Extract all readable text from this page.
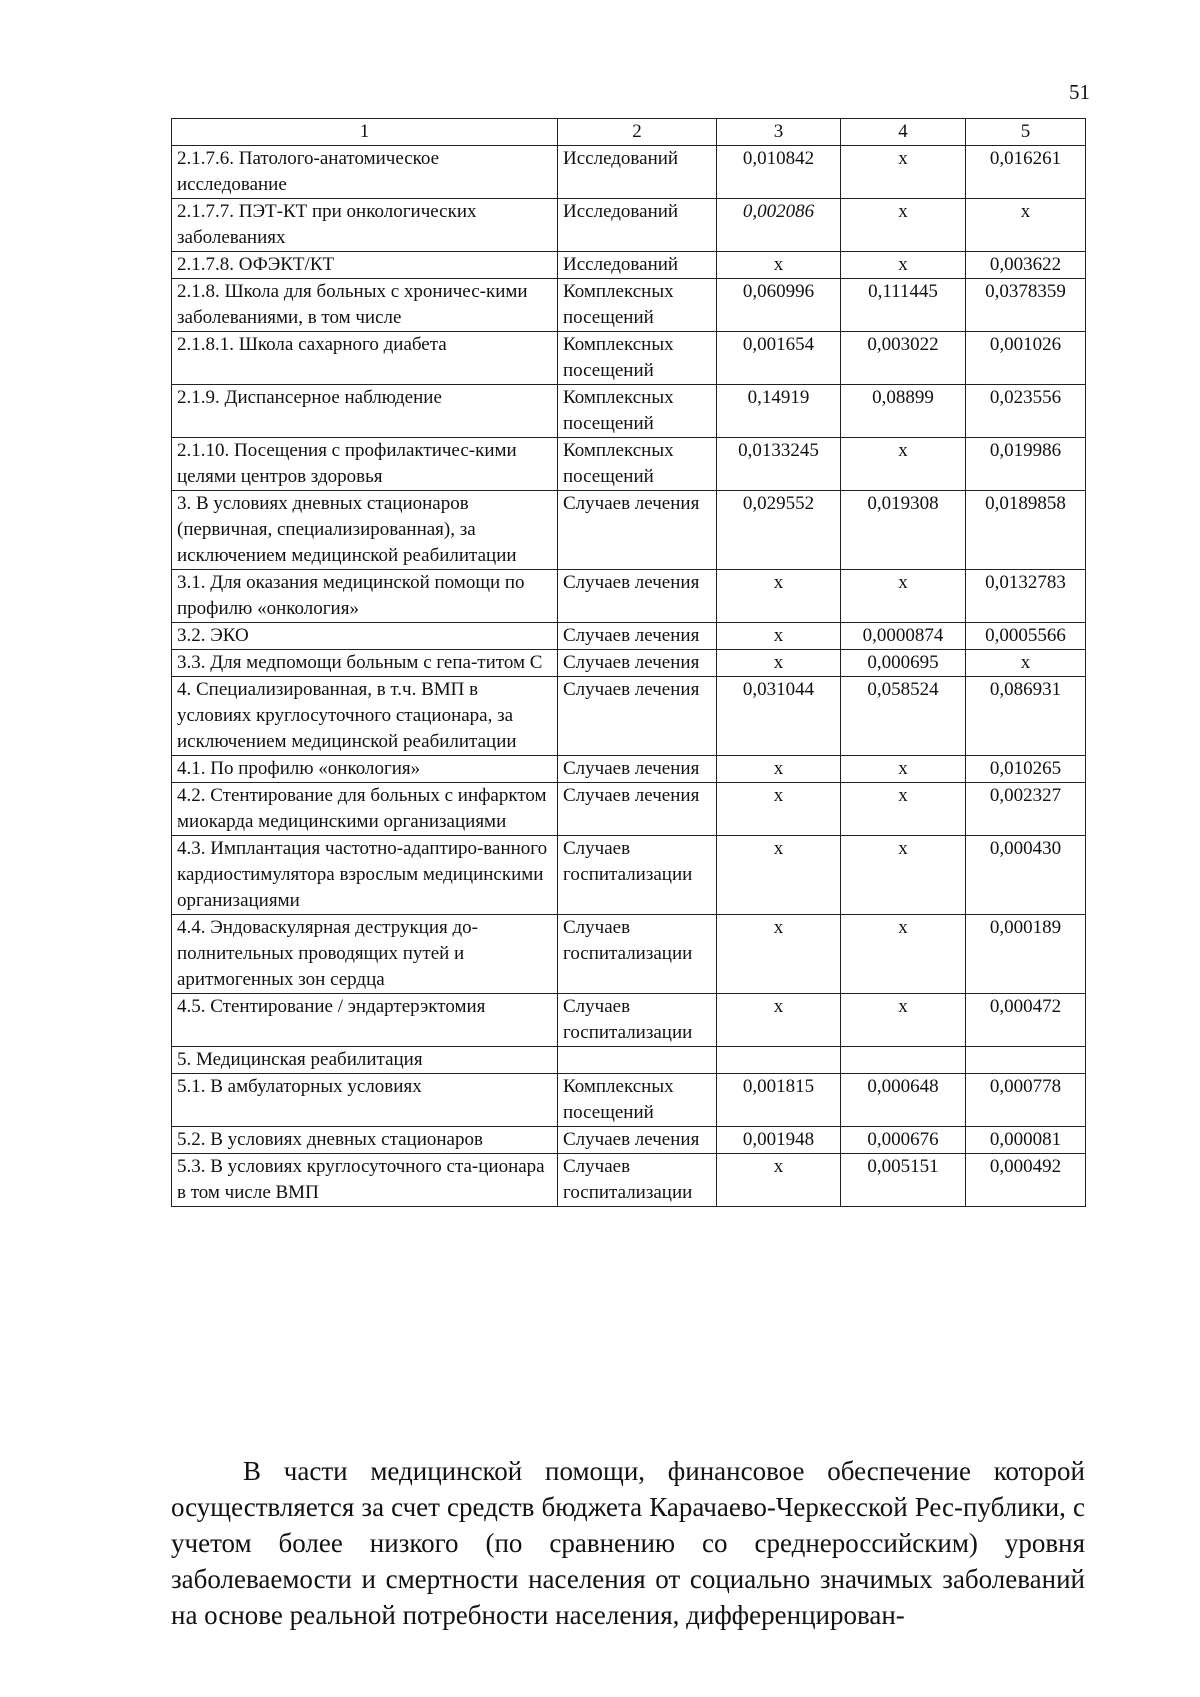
51
1	2	3	4	5
2.1.7.6. Патолого-анатомическое исследование	Исследований	0,010842	х	0,016261
2.1.7.7. ПЭТ-КТ при онкологических заболеваниях	Исследований	0,002086	х	х
2.1.7.8. ОФЭКТ/КТ	Исследований	х	х	0,003622
2.1.8. Школа для больных с хроничес-кими заболеваниями, в том числе	Комплексных посещений	0,060996	0,111445	0,0378359
2.1.8.1. Школа сахарного диабета	Комплексных посещений	0,001654	0,003022	0,001026
2.1.9. Диспансерное наблюдение	Комплексных посещений	0,14919	0,08899	0,023556
2.1.10. Посещения с профилактичес-кими целями центров здоровья	Комплексных посещений	0,0133245	х	0,019986
3. В условиях дневных стационаров (первичная, специализированная), за исключением медицинской реабилитации	Случаев лечения	0,029552	0,019308	0,0189858
3.1. Для оказания медицинской помощи по профилю «онкология»	Случаев лечения	х	х	0,0132783
3.2. ЭКО	Случаев лечения	х	0,0000874	0,0005566
3.3. Для медпомощи больным с гепа-титом С	Случаев лечения	х	0,000695	х
4. Специализированная, в т.ч. ВМП в условиях круглосуточного стационара, за исключением медицинской реабилитации	Случаев лечения	0,031044	0,058524	0,086931
4.1. По профилю «онкология»	Случаев лечения	х	х	0,010265
4.2. Стентирование для больных с инфарктом миокарда медицинскими организациями	Случаев лечения	х	х	0,002327
4.3. Имплантация частотно-адаптиро-ванного кардиостимулятора взрослым медицинскими организациями	Случаев госпитализации	х	х	0,000430
4.4. Эндоваскулярная деструкция до-полнительных проводящих путей и аритмогенных зон сердца	Случаев госпитализации	х	х	0,000189
4.5. Стентирование / эндартерэктомия	Случаев госпитализации	х	х	0,000472
5. Медицинская реабилитация				
5.1. В амбулаторных условиях	Комплексных посещений	0,001815	0,000648	0,000778
5.2. В условиях дневных стационаров	Случаев лечения	0,001948	0,000676	0,000081
5.3. В условиях круглосуточного ста-ционара в том числе ВМП	Случаев госпитализации	х	0,005151	0,000492

В части медицинской помощи, финансовое обеспечение которой осуществляется за счет средств бюджета Карачаево-Черкесской Рес-публики, с учетом более низкого (по сравнению со среднероссийским) уровня заболеваемости и смертности населения от социально значимых заболеваний на основе реальной потребности населения, дифференцирован-
